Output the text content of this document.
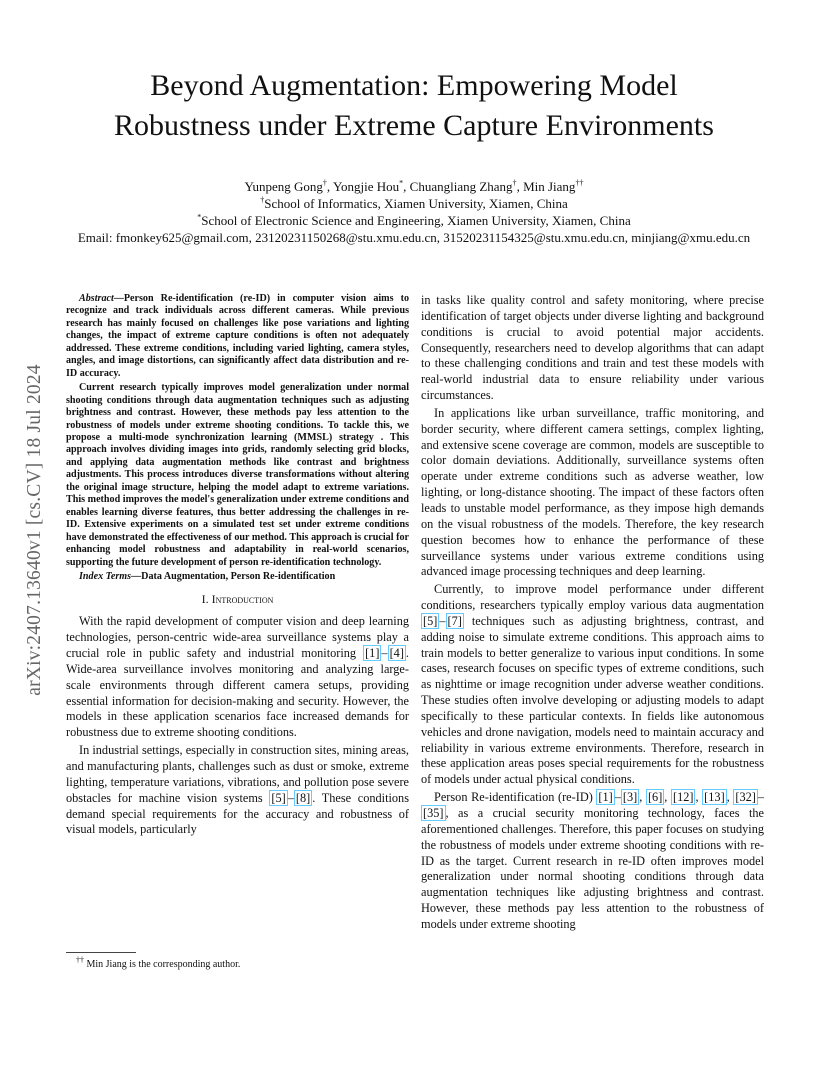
arXiv:2407.13640v1 [cs.CV] 18 Jul 2024
Beyond Augmentation: Empowering Model
Robustness under Extreme Capture Environments
Yunpeng Gong†, Yongjie Hou*, Chuangliang Zhang†, Min Jiang††
†School of Informatics, Xiamen University, Xiamen, China
*School of Electronic Science and Engineering, Xiamen University, Xiamen, China
Email: fmonkey625@gmail.com, 23120231150268@stu.xmu.edu.cn, 31520231154325@stu.xmu.edu.cn, minjiang@xmu.edu.cn

Abstract—Person Re-identification (re-ID) in computer vision aims to recognize and track individuals across different cameras. While previous research has mainly focused on challenges like pose variations and lighting changes, the impact of extreme capture conditions is often not adequately addressed. These extreme conditions, including varied lighting, camera styles, angles, and image distortions, can significantly affect data distribution and re-ID accuracy.

Current research typically improves model generalization under normal shooting conditions through data augmentation techniques such as adjusting brightness and contrast. However, these methods pay less attention to the robustness of models under extreme shooting conditions. To tackle this, we propose a multi-mode synchronization learning (MMSL) strategy . This approach involves dividing images into grids, randomly selecting grid blocks, and applying data augmentation methods like contrast and brightness adjustments. This process introduces diverse transformations without altering the original image structure, helping the model adapt to extreme variations. This method improves the model's generalization under extreme conditions and enables learning diverse features, thus better addressing the challenges in re-ID. Extensive experiments on a simulated test set under extreme conditions have demonstrated the effectiveness of our method. This approach is crucial for enhancing model robustness and adaptability in real-world scenarios, supporting the future development of person re-identification technology.

Index Terms—Data Augmentation, Person Re-identification

I. Introduction

With the rapid development of computer vision and deep learning technologies, person-centric wide-area surveillance systems play a crucial role in public safety and industrial monitoring [1] – [4] . Wide-area surveillance involves monitoring and analyzing large-scale environments through different camera setups, providing essential information for decision-making and security. However, the models in these application scenarios face increased demands for robustness due to extreme shooting conditions.

In industrial settings, especially in construction sites, mining areas, and manufacturing plants, challenges such as dust or smoke, extreme lighting, temperature variations, vibrations, and pollution pose severe obstacles for machine vision systems [5] – [8] . These conditions demand special requirements for the accuracy and robustness of visual models, particularly

†† Min Jiang is the corresponding author.

in tasks like quality control and safety monitoring, where precise identification of target objects under diverse lighting and background conditions is crucial to avoid potential major accidents. Consequently, researchers need to develop algorithms that can adapt to these challenging conditions and train and test these models with real-world industrial data to ensure reliability under various circumstances.

In applications like urban surveillance, traffic monitoring, and border security, where different camera settings, complex lighting, and extensive scene coverage are common, models are susceptible to color domain deviations. Additionally, surveillance systems often operate under extreme conditions such as adverse weather, low lighting, or long-distance shooting. The impact of these factors often leads to unstable model performance, as they impose high demands on the visual robustness of the models. Therefore, the key research question becomes how to enhance the performance of these surveillance systems under various extreme conditions using advanced image processing techniques and deep learning.

Currently, to improve model performance under different conditions, researchers typically employ various data augmentation [5] – [7] techniques such as adjusting brightness, contrast, and adding noise to simulate extreme conditions. This approach aims to train models to better generalize to various input conditions. In some cases, research focuses on specific types of extreme conditions, such as nighttime or image recognition under adverse weather conditions. These studies often involve developing or adjusting models to adapt specifically to these particular contexts. In fields like autonomous vehicles and drone navigation, models need to maintain accuracy and reliability in various extreme environments. Therefore, research in these application areas poses special requirements for the robustness of models under actual physical conditions.

Person Re-identification (re-ID) [1] – [3] , [6] , [12] , [13] , [32] –[35] , as a crucial security monitoring technology, faces the aforementioned challenges. Therefore, this paper focuses on studying the robustness of models under extreme shooting conditions with re-ID as the target. Current research in re-ID often improves model generalization under normal shooting conditions through data augmentation techniques like adjusting brightness and contrast. However, these methods pay less attention to the robustness of models under extreme shooting
